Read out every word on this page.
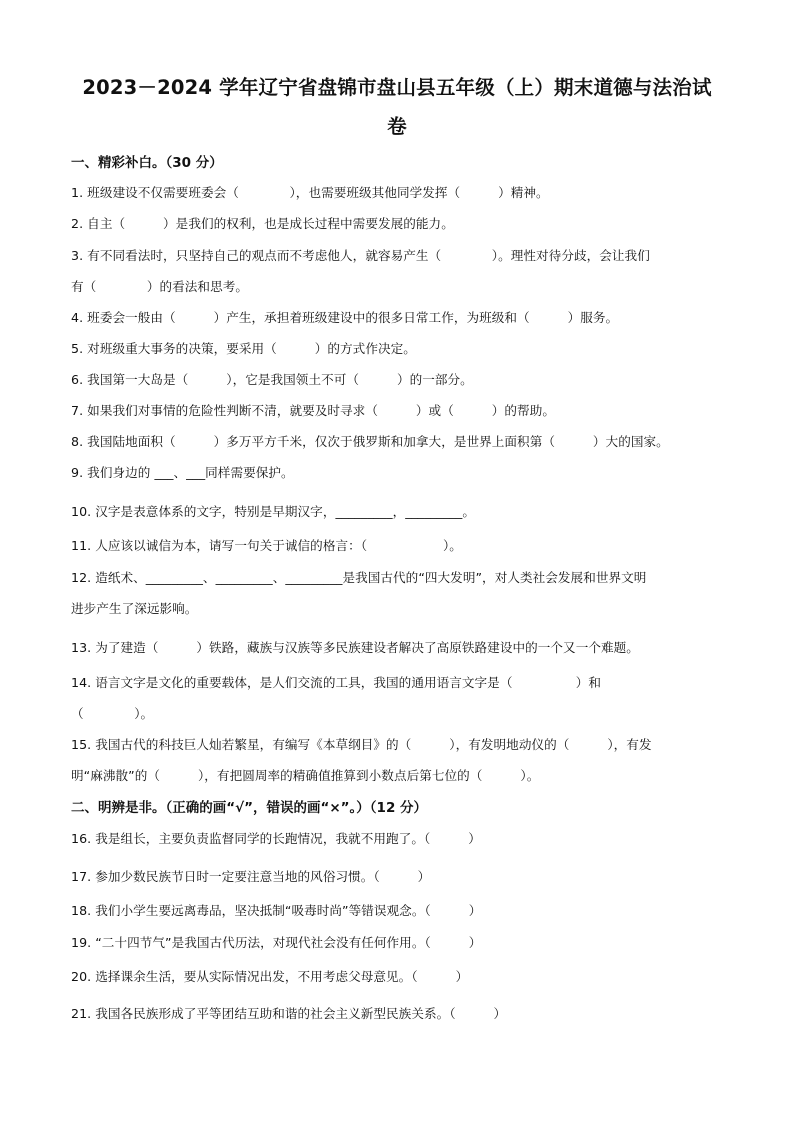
2023－2024 学年辽宁省盘锦市盘山县五年级（上）期末道德与法治试
卷
一、精彩补白。（30 分）
1. 班级建设不仅需要班委会（　　　　），也需要班级其他同学发挥（　　　）精神。
2. 自主（　　　）是我们的权利，也是成长过程中需要发展的能力。
3. 有不同看法时，只坚持自己的观点而不考虑他人，就容易产生（　　　　）。理性对待分歧，会让我们
有（　　　　）的看法和思考。
4. 班委会一般由（　　　）产生，承担着班级建设中的很多日常工作，为班级和（　　　）服务。
5. 对班级重大事务的决策，要采用（　　　）的方式作决定。
6. 我国第一大岛是（　　　），它是我国领土不可（　　　）的一部分。
7. 如果我们对事情的危险性判断不清，就要及时寻求（　　　）或（　　　）的帮助。
8. 我国陆地面积（　　　）多万平方千米，仅次于俄罗斯和加拿大，是世界上面积第（　　　）大的国家。
9. 我们身边的 ___、___同样需要保护。
10. 汉字是表意体系的文字，特别是早期汉字，_________，_________。
11. 人应该以诚信为本，请写一句关于诚信的格言：（　　　　　　）。
12. 造纸术、_________、_________、_________是我国古代的“四大发明”，对人类社会发展和世界文明
进步产生了深远影响。
13. 为了建造（　　　）铁路，藏族与汉族等多民族建设者解决了高原铁路建设中的一个又一个难题。
14. 语言文字是文化的重要载体，是人们交流的工具，我国的通用语言文字是（　　　　　）和
（　　　　）。
15. 我国古代的科技巨人灿若繁星，有编写《本草纲目》的（　　　），有发明地动仪的（　　　），有发
明“麻沸散”的（　　　），有把圆周率的精确值推算到小数点后第七位的（　　　）。
二、明辨是非。（正确的画“√”，错误的画“×”。）（12 分）
16. 我是组长，主要负责监督同学的长跑情况，我就不用跑了。（　　　）
17. 参加少数民族节日时一定要注意当地的风俗习惯。（　　　）
18. 我们小学生要远离毒品，坚决抵制“吸毒时尚”等错误观念。（　　　）
19. “二十四节气”是我国古代历法，对现代社会没有任何作用。（　　　）
20. 选择课余生活，要从实际情况出发，不用考虑父母意见。（　　　）
21. 我国各民族形成了平等团结互助和谐的社会主义新型民族关系。（　　　）
